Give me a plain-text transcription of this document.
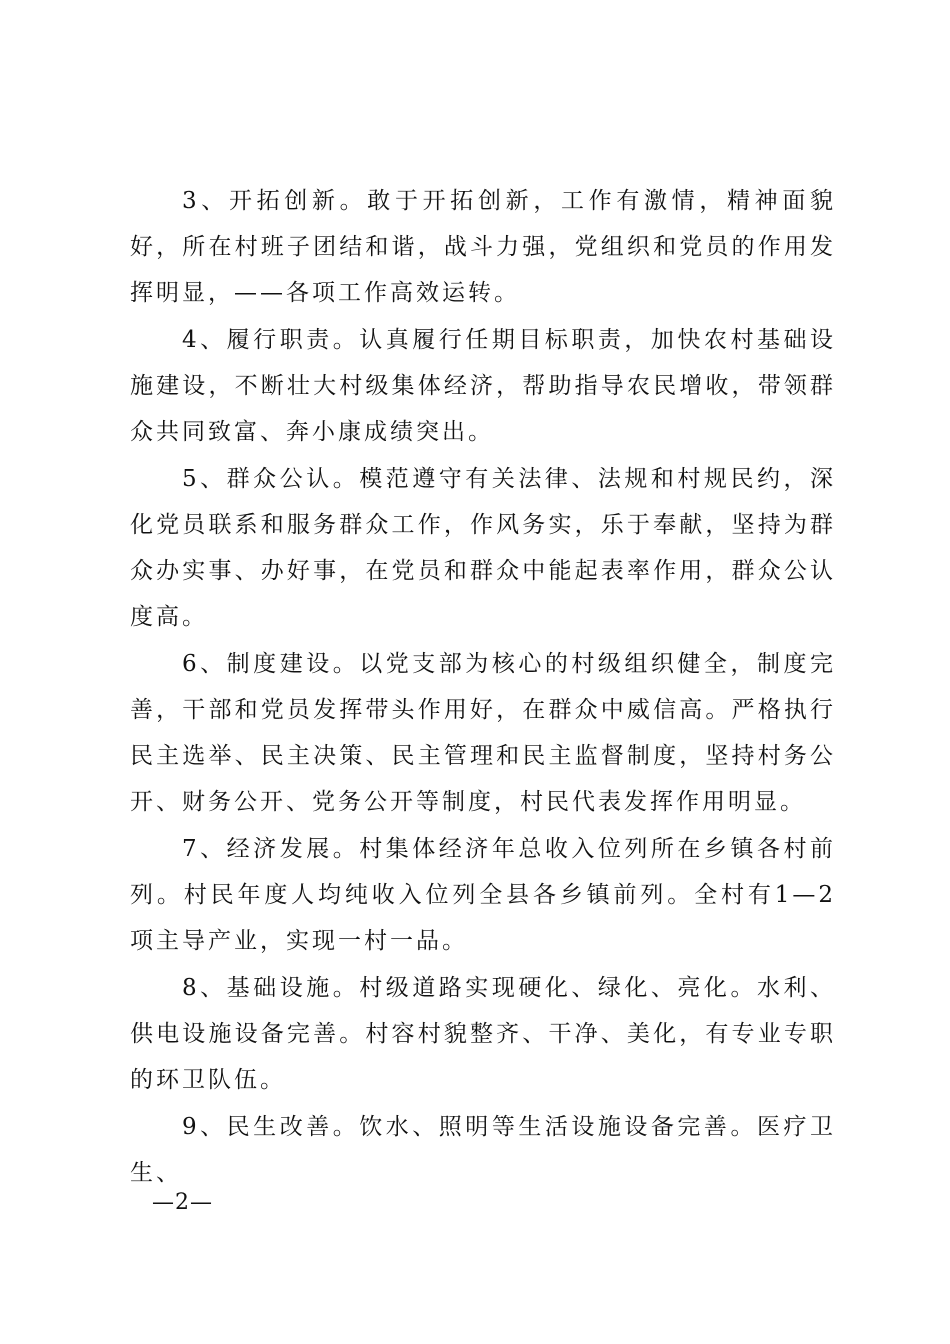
3、开拓创新。敢于开拓创新，工作有激情，精神面貌好，所在村班子团结和谐，战斗力强，党组织和党员的作用发挥明显，——各项工作高效运转。

4、履行职责。认真履行任期目标职责，加快农村基础设施建设，不断壮大村级集体经济，帮助指导农民增收，带领群众共同致富、奔小康成绩突出。

5、群众公认。模范遵守有关法律、法规和村规民约，深化党员联系和服务群众工作，作风务实，乐于奉献，坚持为群众办实事、办好事，在党员和群众中能起表率作用，群众公认度高。

6、制度建设。以党支部为核心的村级组织健全，制度完善，干部和党员发挥带头作用好，在群众中威信高。严格执行民主选举、民主决策、民主管理和民主监督制度，坚持村务公开、财务公开、党务公开等制度，村民代表发挥作用明显。

7、经济发展。村集体经济年总收入位列所在乡镇各村前列。村民年度人均纯收入位列全县各乡镇前列。全村有1—2项主导产业，实现一村一品。

8、基础设施。村级道路实现硬化、绿化、亮化。水利、供电设施设备完善。村容村貌整齐、干净、美化，有专业专职的环卫队伍。

9、民生改善。饮水、照明等生活设施设备完善。医疗卫生、

—2—
